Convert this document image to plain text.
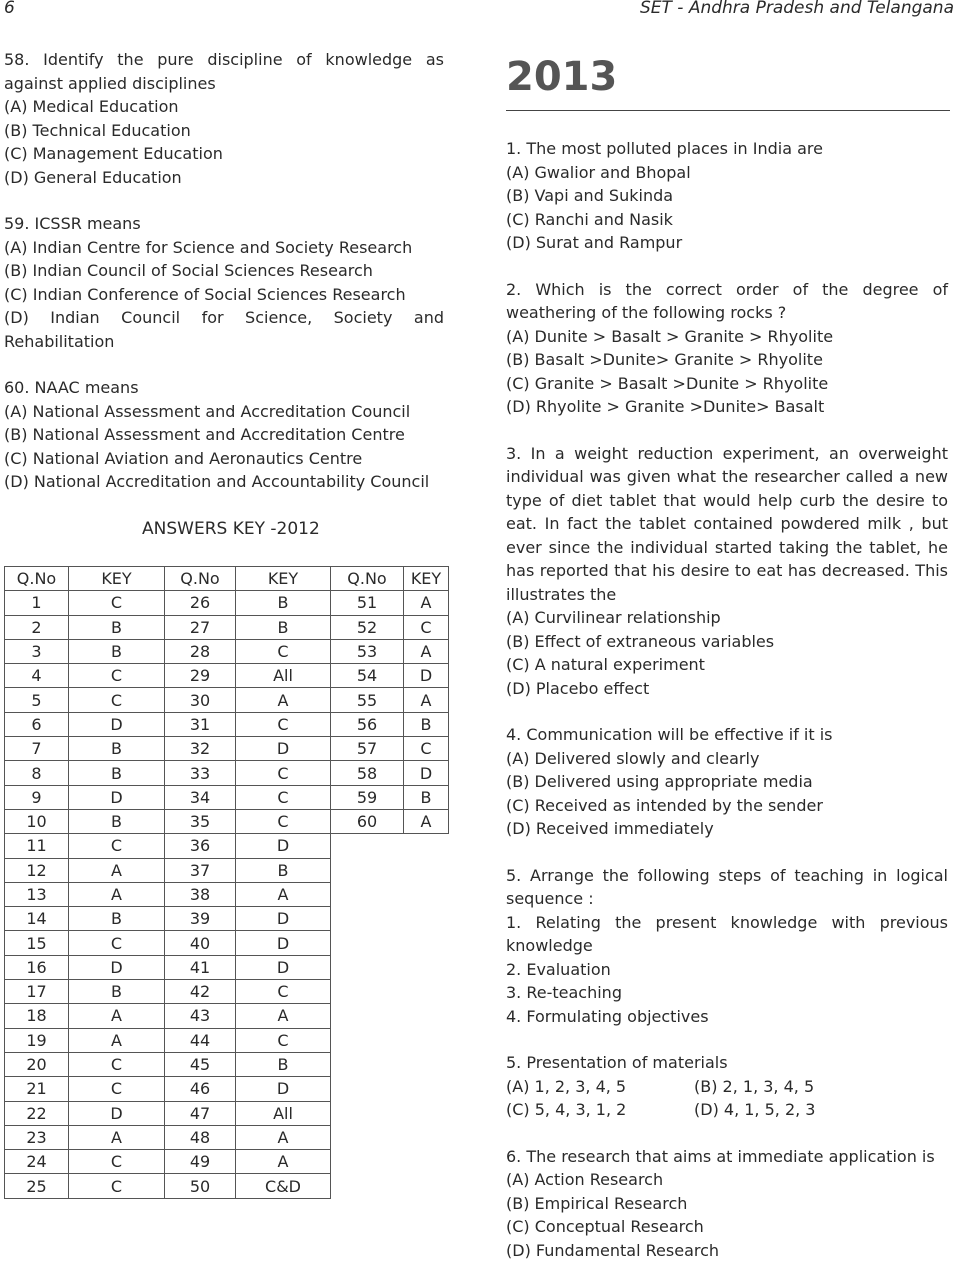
6	SET - Andhra Pradesh and Telangana
58. Identify the pure discipline of knowledge as against applied disciplines
(A) Medical Education
(B) Technical Education
(C) Management Education
(D) General Education
59. ICSSR means
(A) Indian Centre for Science and Society Research
(B) Indian Council of Social Sciences Research
(C) Indian Conference of Social Sciences Research
(D) Indian Council for Science, Society and Rehabilitation
60. NAAC means
(A) National Assessment and Accreditation Council
(B) National Assessment and Accreditation Centre
(C) National Aviation and Aeronautics Centre
(D) National Accreditation and Accountability Council
ANSWERS KEY -2012
Q.No	KEY	Q.No	KEY	Q.No	KEY
1	C	26	B	51	A
2	B	27	B	52	C
3	B	28	C	53	A
4	C	29	All	54	D
5	C	30	A	55	A
6	D	31	C	56	B
7	B	32	D	57	C
8	B	33	C	58	D
9	D	34	C	59	B
10	B	35	C	60	A
11	C	36	D		
12	A	37	B		
13	A	38	A		
14	B	39	D		
15	C	40	D		
16	D	41	D		
17	B	42	C		
18	A	43	A		
19	A	44	C		
20	C	45	B		
21	C	46	D		
22	D	47	All		
23	A	48	A		
24	C	49	A		
25	C	50	C&D		
2013
1. The most polluted places in India are
(A) Gwalior and Bhopal
(B) Vapi and Sukinda
(C) Ranchi and Nasik
(D) Surat and Rampur
2. Which is the correct order of the degree of weathering of the following rocks ?
(A) Dunite > Basalt > Granite > Rhyolite
(B) Basalt >Dunite> Granite > Rhyolite
(C) Granite > Basalt >Dunite > Rhyolite
(D) Rhyolite > Granite >Dunite> Basalt
3. In a weight reduction experiment, an overweight individual was given what the researcher called a new type of diet tablet that would help curb the desire to eat. In fact the tablet contained powdered milk , but ever since the individual started taking the tablet, he has reported that his desire to eat has decreased. This illustrates the
(A) Curvilinear relationship
(B) Effect of extraneous variables
(C) A natural experiment
(D) Placebo effect
4. Communication will be effective if it is
(A) Delivered slowly and clearly
(B) Delivered using appropriate media
(C) Received as intended by the sender
(D) Received immediately
5. Arrange the following steps of teaching in logical sequence :
1. Relating the present knowledge with previous knowledge
2. Evaluation
3. Re-teaching
4. Formulating objectives
5. Presentation of materials
(A) 1, 2, 3, 4, 5	(B) 2, 1, 3, 4, 5
(C) 5, 4, 3, 1, 2	(D) 4, 1, 5, 2, 3
6. The research that aims at immediate application is
(A) Action Research
(B) Empirical Research
(C) Conceptual Research
(D) Fundamental Research
